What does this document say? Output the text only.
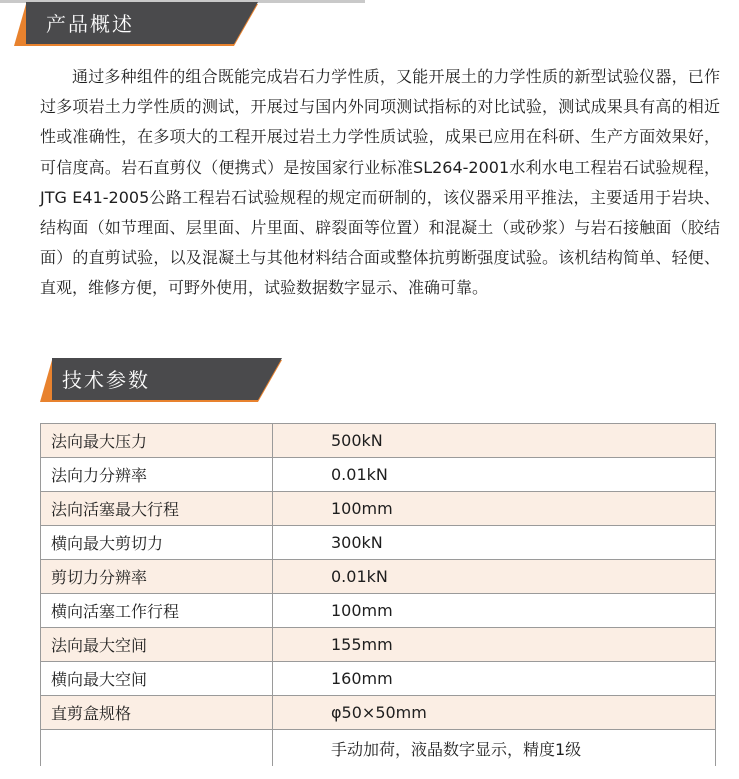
产品概述

通过多种组件的组合既能完成岩石力学性质，又能开展土的力学性质的新型试验仪器，已作过多项岩土力学性质的测试，开展过与国内外同项测试指标的对比试验，测试成果具有高的相近性或准确性，在多项大的工程开展过岩土力学性质试验，成果已应用在科研、生产方面效果好，可信度高。岩石直剪仪（便携式）是按国家行业标准SL264-2001水利水电工程岩石试验规程，JTG E41-2005公路工程岩石试验规程的规定而研制的，该仪器采用平推法，主要适用于岩块、结构面（如节理面、层里面、片里面、辟裂面等位置）和混凝土（或砂浆）与岩石接触面（胶结面）的直剪试验，以及混凝土与其他材料结合面或整体抗剪断强度试验。该机结构简单、轻便、直观，维修方便，可野外使用，试验数据数字显示、准确可靠。

技术参数
法向最大压力	500kN
法向力分辨率	0.01kN
法向活塞最大行程	100mm
横向最大剪切力	300kN
剪切力分辨率	0.01kN
横向活塞工作行程	100mm
法向最大空间	155mm
横向最大空间	160mm
直剪盒规格	φ50×50mm
	手动加荷，液晶数字显示，精度1级
